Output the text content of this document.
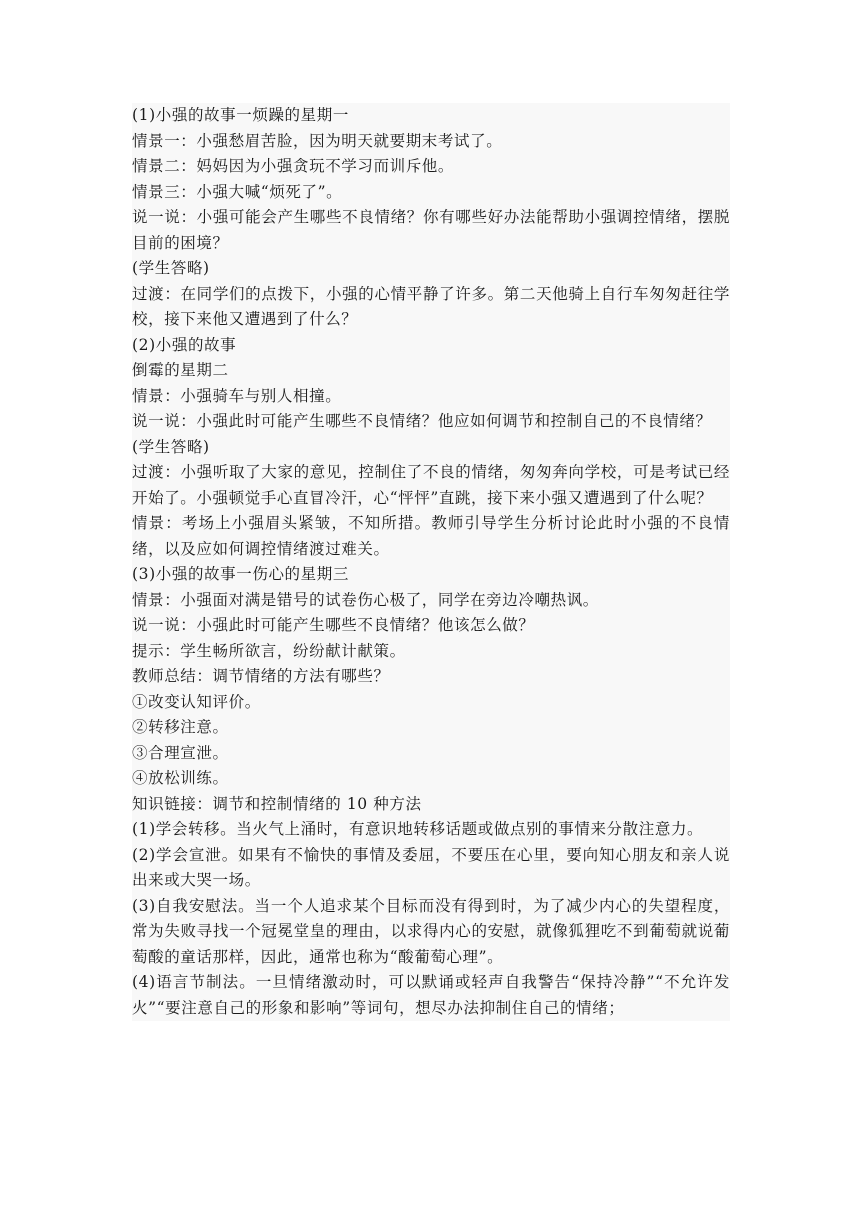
(1)小强的故事一烦躁的星期一

情景一：小强愁眉苦脸，因为明天就要期末考试了。

情景二：妈妈因为小强贪玩不学习而训斥他。

情景三：小强大喊“烦死了”。

说一说：小强可能会产生哪些不良情绪？你有哪些好办法能帮助小强调控情绪，摆脱目前的困境？

(学生答略)

过渡：在同学们的点拨下，小强的心情平静了许多。第二天他骑上自行车匆匆赶往学校，接下来他又遭遇到了什么？

(2)小强的故事

倒霉的星期二

情景：小强骑车与别人相撞。

说一说：小强此时可能产生哪些不良情绪？他应如何调节和控制自己的不良情绪？

(学生答略)

过渡：小强听取了大家的意见，控制住了不良的情绪，匆匆奔向学校，可是考试已经开始了。小强顿觉手心直冒冷汗，心“怦怦”直跳，接下来小强又遭遇到了什么呢？

情景：考场上小强眉头紧皱，不知所措。教师引导学生分析讨论此时小强的不良情绪，以及应如何调控情绪渡过难关。

(3)小强的故事一伤心的星期三

情景：小强面对满是错号的试卷伤心极了，同学在旁边冷嘲热讽。

说一说：小强此时可能产生哪些不良情绪？他该怎么做？

提示：学生畅所欲言，纷纷献计献策。

教师总结：调节情绪的方法有哪些？

①改变认知评价。

②转移注意。

③合理宣泄。

④放松训练。

知识链接：调节和控制情绪的 10 种方法

(1)学会转移。当火气上涌时，有意识地转移话题或做点别的事情来分散注意力。

(2)学会宣泄。如果有不愉快的事情及委屈，不要压在心里，要向知心朋友和亲人说出来或大哭一场。

(3)自我安慰法。当一个人追求某个目标而没有得到时，为了减少内心的失望程度，常为失败寻找一个冠冕堂皇的理由，以求得内心的安慰，就像狐狸吃不到葡萄就说葡萄酸的童话那样，因此，通常也称为“酸葡萄心理”。

(4)语言节制法。一旦情绪激动时，可以默诵或轻声自我警告“保持冷静”“不允许发火”“要注意自己的形象和影响”等词句，想尽办法抑制住自己的情绪；
